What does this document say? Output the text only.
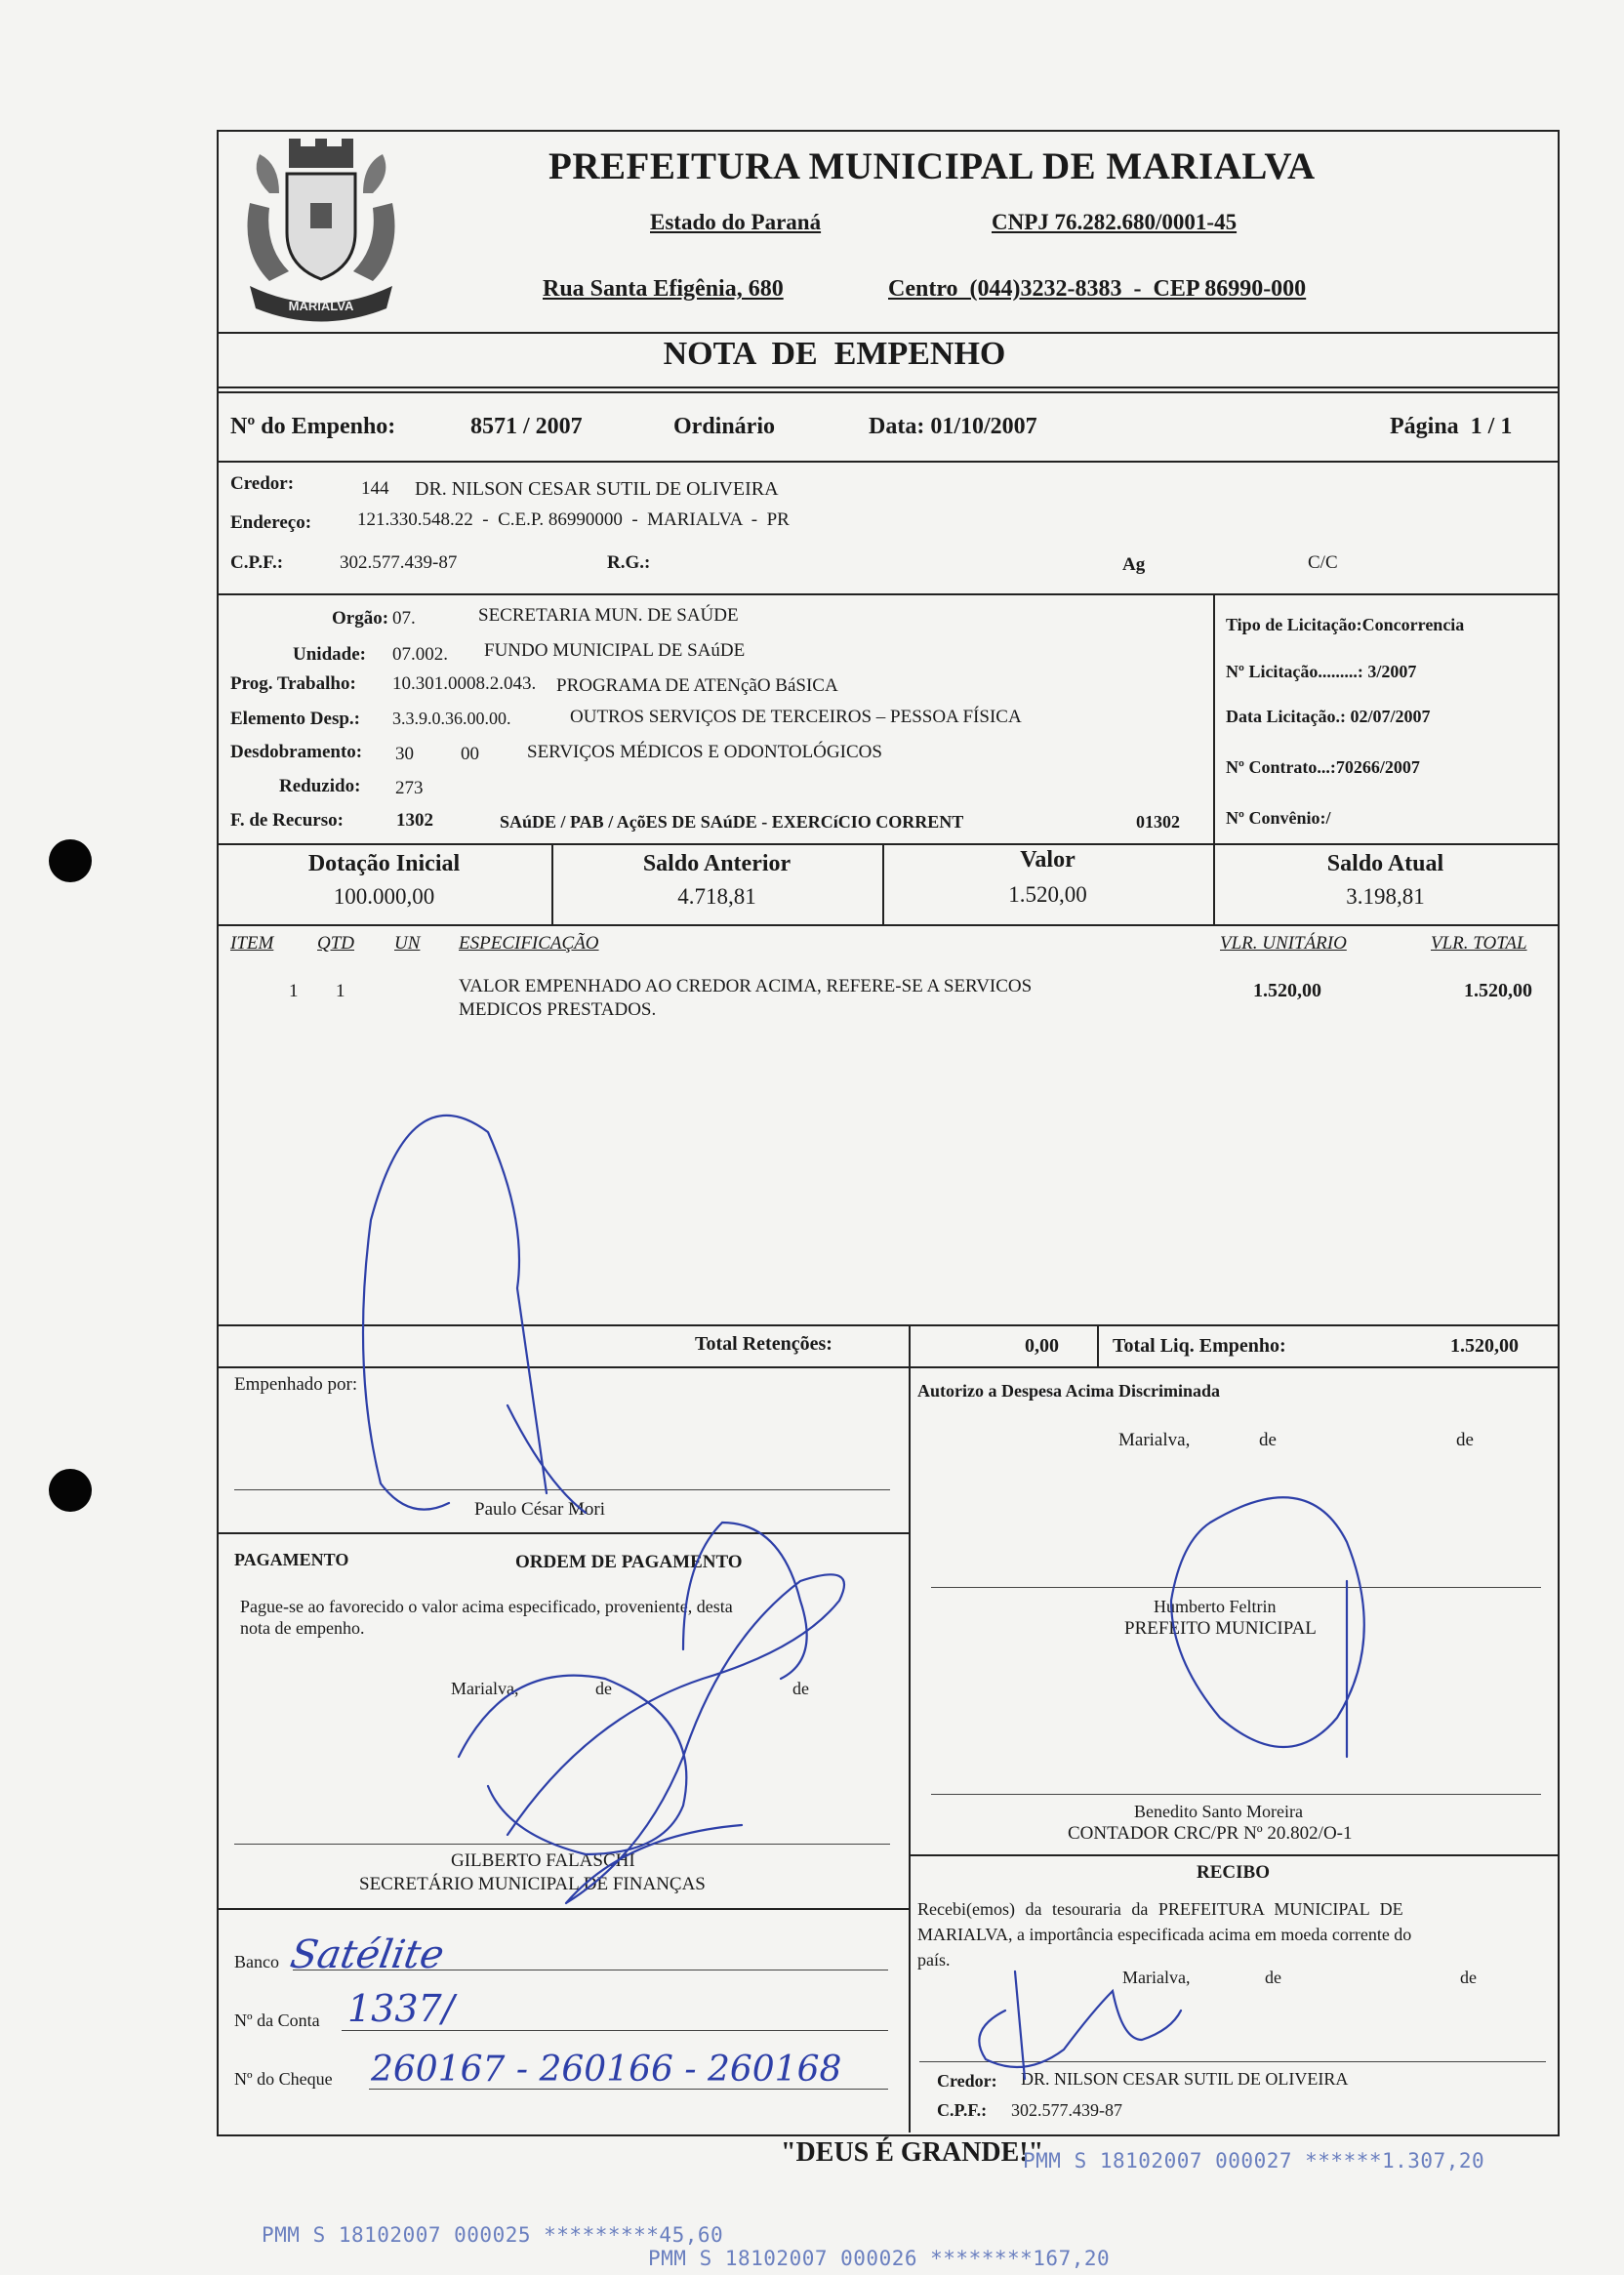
MARIALVA
PREFEITURA MUNICIPAL DE MARIALVA
Estado do Paraná	CNPJ 76.282.680/0001-45
Rua Santa Efigênia, 680	Centro  (044)3232-8383  -  CEP 86990-000
NOTA  DE  EMPENHO
Nº do Empenho:	8571 / 2007	Ordinário	Data: 01/10/2007	Página  1 / 1
Credor:	144 DR. NILSON CESAR SUTIL DE OLIVEIRA
Endereço: 121.330.548.22  -  C.E.P. 86990000  -  MARIALVA  -  PR
C.P.F.:	302.577.439-87	R.G.:	Ag	C/C
Orgão: 07.	SECRETARIA MUN. DE SAÚDE
Unidade: 07.002. FUNDO MUNICIPAL DE SAúDE
Prog. Trabalho: 10.301.0008.2.043. PROGRAMA DE ATENçãO BáSICA
Elemento Desp.: 3.3.9.0.36.00.00.	OUTROS SERVIÇOS DE TERCEIROS – PESSOA FÍSICA
Desdobramento: 30	00	SERVIÇOS MÉDICOS E ODONTOLÓGICOS
Reduzido: 273
F. de Recurso:	1302	SAúDE / PAB / AçõES DE SAúDE - EXERCíCIO CORRENT	01302
Tipo de Licitação:Concorrencia
Nº Licitação.........: 3/2007
Data Licitação.: 02/07/2007
Nº Contrato...:70266/2007
Nº Convênio:/
Dotação Inicial
100.000,00
Saldo Anterior
4.718,81
Valor
1.520,00
Saldo Atual
3.198,81
ITEM QTD UN ESPECIFICAÇÃO	VLR. UNITÁRIO	VLR. TOTAL
1 1	VALOR EMPENHADO AO CREDOR ACIMA, REFERE-SE A SERVICOS
MEDICOS PRESTADOS.
1.520,00	1.520,00
Total Retenções:	0,00	Total Liq. Empenho:	1.520,00
Empenhado por:
Paulo César Mori
Autorizo a Despesa Acima Discriminada
Marialva,	de	de
Humberto Feltrin
PREFEITO MUNICIPAL
Benedito Santo Moreira
CONTADOR CRC/PR Nº 20.802/O-1
PAGAMENTO	ORDEM DE PAGAMENTO
Pague-se ao favorecido o valor acima especificado, proveniente, desta
nota de empenho.
Marialva,	de	de
GILBERTO FALASCHI
SECRETÁRIO MUNICIPAL DE FINANÇAS
Banco Satélite
Nº da Conta 1337/
Nº do Cheque 260167 - 260166 - 260168
RECIBO
Recebi(emos) da tesouraria da PREFEITURA MUNICIPAL DE
MARIALVA, a importância especificada acima em moeda corrente do
país.
Marialva,	de	de
Credor: DR. NILSON CESAR SUTIL DE OLIVEIRA
C.P.F.: 302.577.439-87
"DEUS É GRANDE!"
PMM S 18102007 000025 *********45,60
PMM S 18102007 000026 ********167,20
PMM S 18102007 000027 ******1.307,20
